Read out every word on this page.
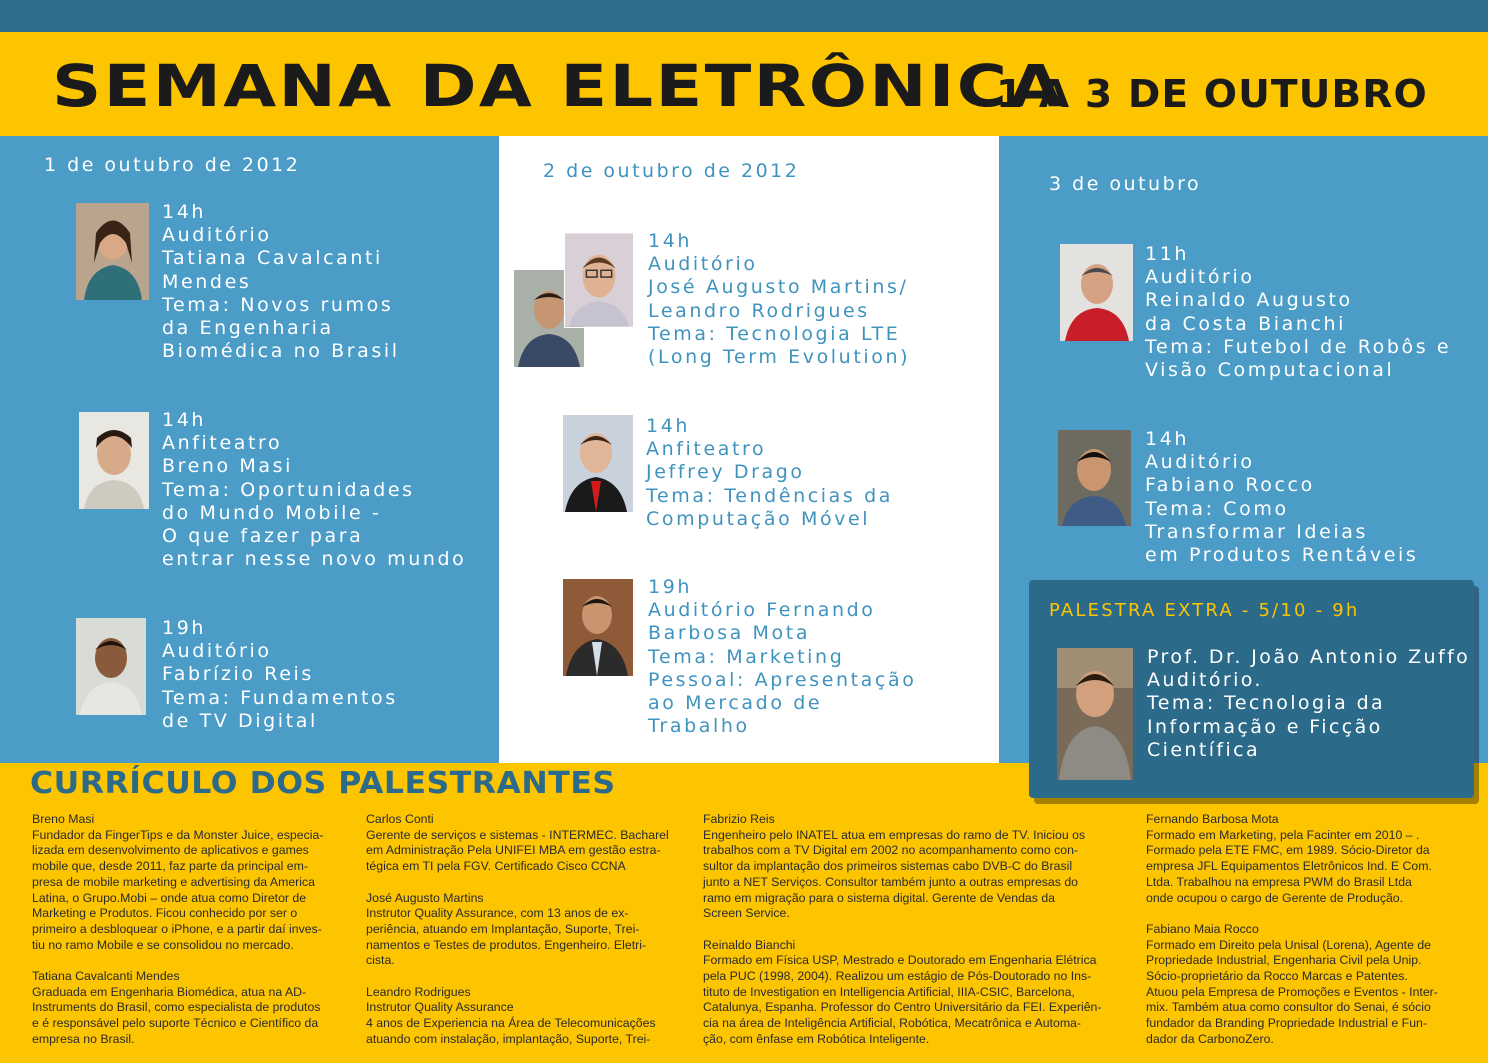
SEMANA DA ELETRÔNICA
1 A 3 DE OUTUBRO
1 de outubro de 2012
14h
Auditório
Tatiana Cavalcanti
Mendes
Tema: Novos rumos
da Engenharia
Biomédica no Brasil
14h
Anfiteatro
Breno Masi
Tema: Oportunidades
do Mundo Mobile -
O que fazer para
entrar nesse novo mundo
19h
Auditório
Fabrízio Reis
Tema: Fundamentos
de TV Digital
2 de outubro de 2012
14h
Auditório
José Augusto Martins/
Leandro Rodrigues
Tema: Tecnologia LTE
(Long Term Evolution)
14h
Anfiteatro
Jeffrey Drago
Tema: Tendências da
Computação Móvel
19h
Auditório Fernando
Barbosa Mota
Tema: Marketing
Pessoal: Apresentação
ao Mercado de
Trabalho
3 de outubro
11h
Auditório
Reinaldo Augusto
da Costa Bianchi
Tema: Futebol de Robôs e
Visão Computacional
14h
Auditório
Fabiano Rocco
Tema: Como
Transformar Ideias
em Produtos Rentáveis
PALESTRA EXTRA - 5/10 - 9h
Prof. Dr. João Antonio Zuffo
Auditório.
Tema: Tecnologia da
Informação e Ficção
Científica
CURRÍCULO DOS PALESTRANTES

Breno Masi
Fundador da FingerTips e da Monster Juice, especia-
lizada em desenvolvimento de aplicativos e games
mobile que, desde 2011, faz parte da principal em-
presa de mobile marketing e advertising da America
Latina, o Grupo.Mobi – onde atua como Diretor de
Marketing e Produtos. Ficou conhecido por ser o
primeiro a desbloquear o iPhone, e a partir daí inves-
tiu no ramo Mobile e se consolidou no mercado.

Tatiana Cavalcanti Mendes
Graduada em Engenharia Biomédica, atua na AD-
Instruments do Brasil, como especialista de produtos
e é responsável pelo suporte Técnico e Científico da
empresa no Brasil.

Carlos Conti
Gerente de serviços e sistemas - INTERMEC. Bacharel
em Administração Pela UNIFEI MBA em gestão estra-
tégica em TI pela FGV. Certificado Cisco CCNA

José Augusto Martins
Instrutor Quality Assurance, com 13 anos de ex-
periência, atuando em Implantação, Suporte, Trei-
namentos e Testes de produtos. Engenheiro. Eletri-
cista.

Leandro Rodrigues
Instrutor Quality Assurance
4 anos de Experiencia na Área de Telecomunicações
atuando com instalação, implantação, Suporte, Trei-

Fabrizio Reis
Engenheiro pelo INATEL atua em empresas do ramo de TV. Iniciou os
trabalhos com a TV Digital em 2002 no acompanhamento como con-
sultor da implantação dos primeiros sistemas cabo DVB-C do Brasil
junto a NET Serviços. Consultor também junto a outras empresas do
ramo em migração para o sistema digital. Gerente de Vendas da
Screen Service.

Reinaldo Bianchi
Formado em Física USP, Mestrado e Doutorado em Engenharia Elétrica
pela PUC (1998, 2004). Realizou um estágio de Pós-Doutorado no Ins-
tituto de Investigation en Intelligencia Artificial, IIIA-CSIC, Barcelona,
Catalunya, Espanha. Professor do Centro Universitário da FEI. Experiên-
cia na área de Inteligência Artificial, Robótica, Mecatrônica e Automa-
ção, com ênfase em Robótica Inteligente.

Fernando Barbosa Mota
Formado em Marketing, pela Facinter em 2010 – .
Formado pela ETE FMC, em 1989. Sócio-Diretor da
empresa JFL Equipamentos Eletrônicos Ind. E Com.
Ltda. Trabalhou na empresa PWM do Brasil Ltda
onde ocupou o cargo de Gerente de Produção.

Fabiano Maia Rocco
Formado em Direito pela Unisal (Lorena), Agente de
Propriedade Industrial, Engenharia Civil pela Unip.
Sócio-proprietário da Rocco Marcas e Patentes.
Atuou pela Empresa de Promoções e Eventos - Inter-
mix. Também atua como consultor do Senai, é sócio
fundador da Branding Propriedade Industrial e Fun-
dador da CarbonoZero.
